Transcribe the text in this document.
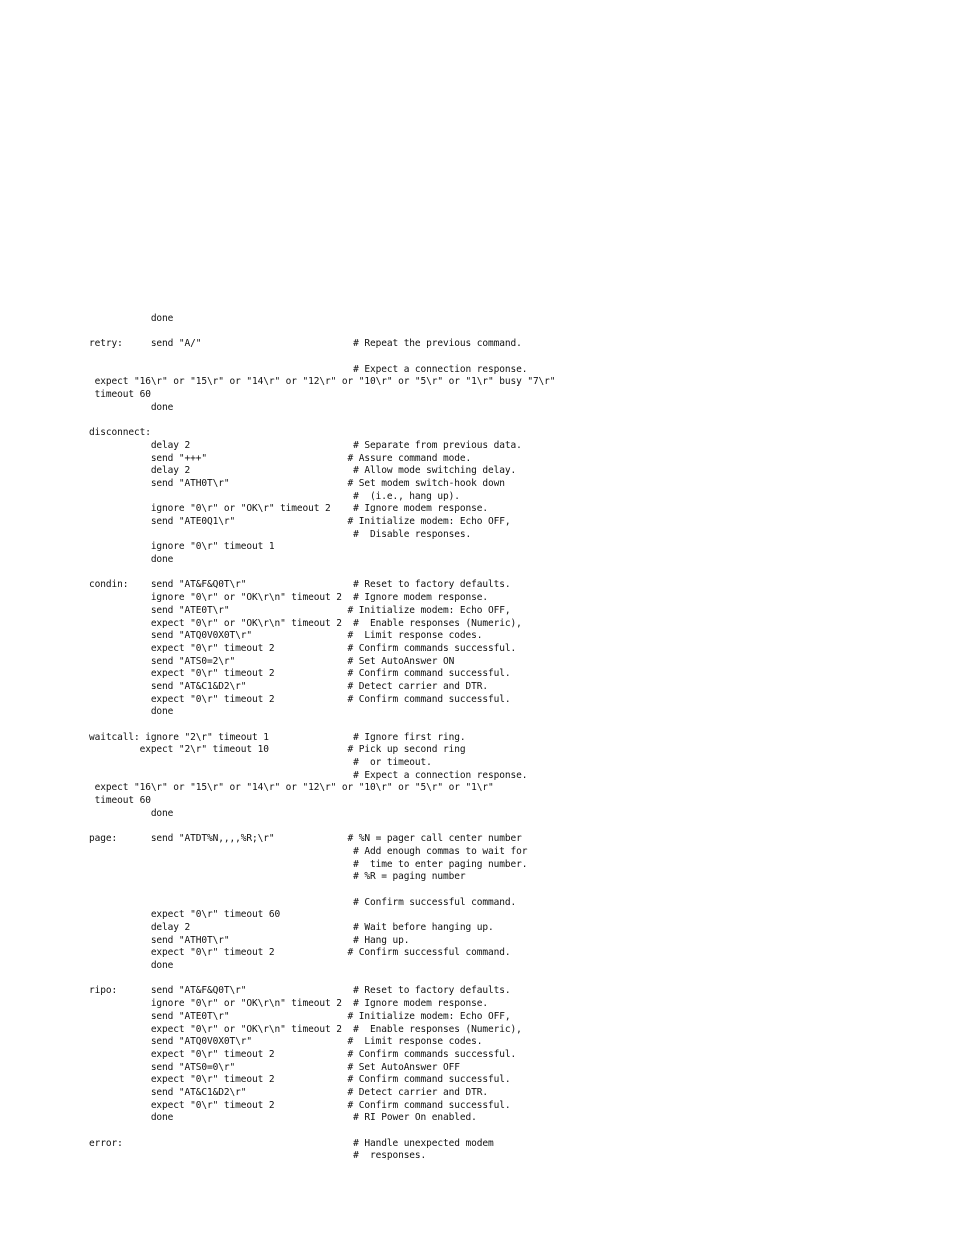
done
retry:     send "A/"                           # Repeat the previous command.
# Expect a connection response.
expect "16\r" or "15\r" or "14\r" or "12\r" or "10\r" or "5\r" or "1\r" busy "7\r"
timeout 60
done
disconnect:
delay 2                             # Separate from previous data.
send "+++"                         # Assure command mode.
delay 2                             # Allow mode switching delay.
send "ATH0T\r"                     # Set modem switch-hook down
#  (i.e., hang up).
ignore "0\r" or "OK\r" timeout 2    # Ignore modem response.
send "ATE0Q1\r"                    # Initialize modem: Echo OFF,
#  Disable responses.
ignore "0\r" timeout 1
done
condin:    send "AT&F&Q0T\r"                   # Reset to factory defaults.
ignore "0\r" or "OK\r\n" timeout 2  # Ignore modem response.
send "ATE0T\r"                     # Initialize modem: Echo OFF,
expect "0\r" or "OK\r\n" timeout 2  #  Enable responses (Numeric),
send "ATQ0V0X0T\r"                 #  Limit response codes.
expect "0\r" timeout 2             # Confirm commands successful.
send "ATS0=2\r"                    # Set AutoAnswer ON
expect "0\r" timeout 2             # Confirm command successful.
send "AT&C1&D2\r"                  # Detect carrier and DTR.
expect "0\r" timeout 2             # Confirm command successful.
done
waitcall: ignore "2\r" timeout 1               # Ignore first ring.
expect "2\r" timeout 10              # Pick up second ring
#  or timeout.
# Expect a connection response.
expect "16\r" or "15\r" or "14\r" or "12\r" or "10\r" or "5\r" or "1\r"
timeout 60
done
page:      send "ATDT%N,,,,%R;\r"             # %N = pager call center number
# Add enough commas to wait for
#  time to enter paging number.
# %R = paging number
# Confirm successful command.
expect "0\r" timeout 60
delay 2                             # Wait before hanging up.
send "ATH0T\r"                      # Hang up.
expect "0\r" timeout 2             # Confirm successful command.
done
ripo:      send "AT&F&Q0T\r"                   # Reset to factory defaults.
ignore "0\r" or "OK\r\n" timeout 2  # Ignore modem response.
send "ATE0T\r"                     # Initialize modem: Echo OFF,
expect "0\r" or "OK\r\n" timeout 2  #  Enable responses (Numeric),
send "ATQ0V0X0T\r"                 #  Limit response codes.
expect "0\r" timeout 2             # Confirm commands successful.
send "ATS0=0\r"                    # Set AutoAnswer OFF
expect "0\r" timeout 2             # Confirm command successful.
send "AT&C1&D2\r"                  # Detect carrier and DTR.
expect "0\r" timeout 2             # Confirm command successful.
done                                # RI Power On enabled.
error:                                         # Handle unexpected modem
#  responses.
